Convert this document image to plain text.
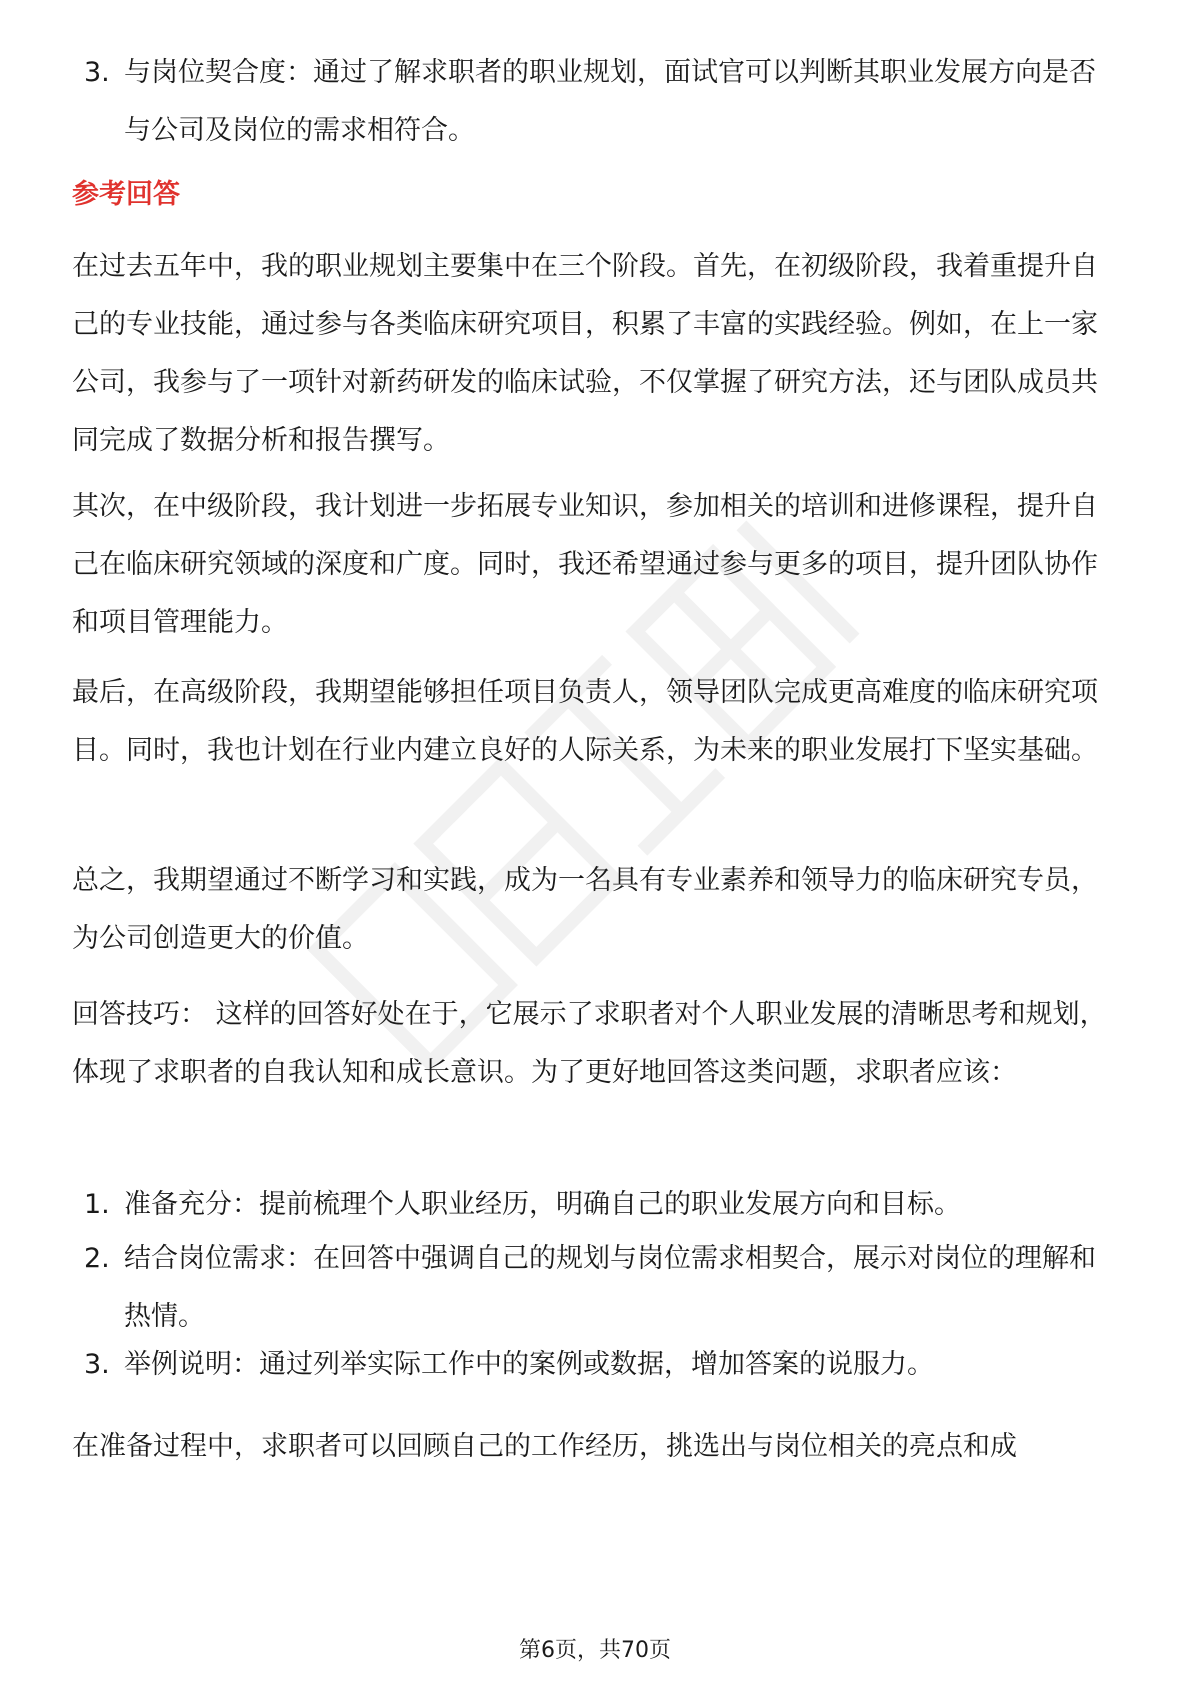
3. 与岗位契合度：通过了解求职者的职业规划，面试官可以判断其职业发展方向是否与公司及岗位的需求相符合。

参考回答

在过去五年中，我的职业规划主要集中在三个阶段。首先，在初级阶段，我着重提升自己的专业技能，通过参与各类临床研究项目，积累了丰富的实践经验。例如，在上一家公司，我参与了一项针对新药研发的临床试验，不仅掌握了研究方法，还与团队成员共同完成了数据分析和报告撰写。

其次，在中级阶段，我计划进一步拓展专业知识，参加相关的培训和进修课程，提升自己在临床研究领域的深度和广度。同时，我还希望通过参与更多的项目，提升团队协作和项目管理能力。

最后，在高级阶段，我期望能够担任项目负责人，领导团队完成更高难度的临床研究项目。同时，我也计划在行业内建立良好的人际关系，为未来的职业发展打下坚实基础。

总之，我期望通过不断学习和实践，成为一名具有专业素养和领导力的临床研究专员，为公司创造更大的价值。

回答技巧： 这样的回答好处在于，它展示了求职者对个人职业发展的清晰思考和规划，体现了求职者的自我认知和成长意识。为了更好地回答这类问题，求职者应该：

1. 准备充分：提前梳理个人职业经历，明确自己的职业发展方向和目标。
2. 结合岗位需求：在回答中强调自己的规划与岗位需求相契合，展示对岗位的理解和热情。
3. 举例说明：通过列举实际工作中的案例或数据，增加答案的说服力。

在准备过程中，求职者可以回顾自己的工作经历，挑选出与岗位相关的亮点和成

第6页，共70页
